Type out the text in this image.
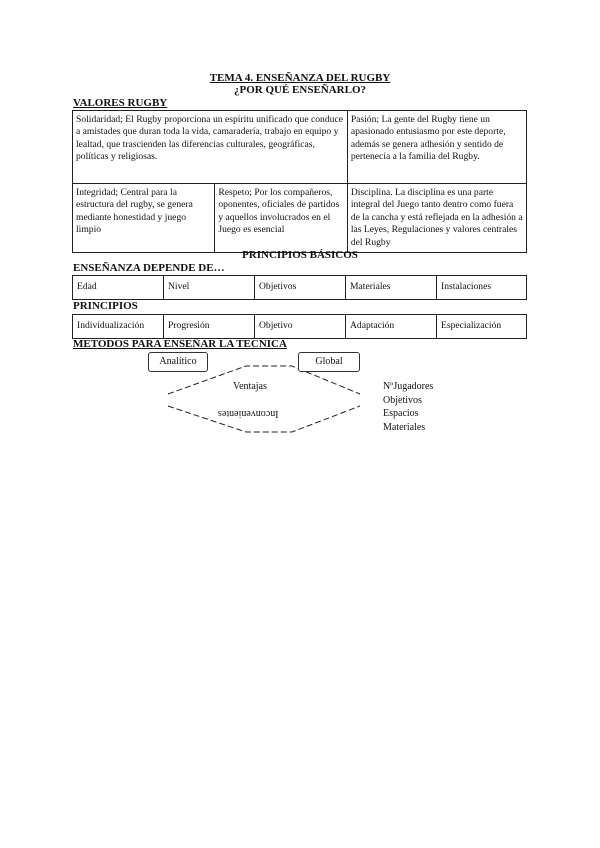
TEMA 4. ENSEÑANZA DEL RUGBY
¿POR QUÉ ENSEÑARLO?
VALORES RUGBY
Solidaridad; El Rugby proporciona un espíritu unificado que conduce a amistades que duran toda la vida, camaradería, trabajo en equipo y lealtad, que trascienden las diferencias culturales, geográficas, políticas y religiosas.		Pasión; La gente del Rugby tiene un apasionado entusiasmo por este deporte, además se genera adhesión y sentido de pertenecía a la familia del Rugby.
Integridad; Central para la estructura del rugby, se genera mediante honestidad y juego limpio	Respeto; Por los compañeros, oponentes, oficiales de partidos y aquellos involucrados en el Juego es esencial	Disciplina. La disciplina es una parte integral del Juego tanto dentro como fuera de la cancha y está reflejada en la adhesión a las Leyes, Regulaciones y valores centrales del Rugby
PRINCIPIOS BÁSICOS
ENSEÑANZA DEPENDE DE…
Edad	Nivel	Objetivos	Materiales	Instalaciones
PRINCIPIOS
Individualización	Progresión	Objetivo	Adaptación	Especialización
METODOS PARA ENSEÑAR LA TECNICA
Analítico	Global
Ventajas
Inconvenientes
NºJugadores
Objetivos
Espacios
Materiales
